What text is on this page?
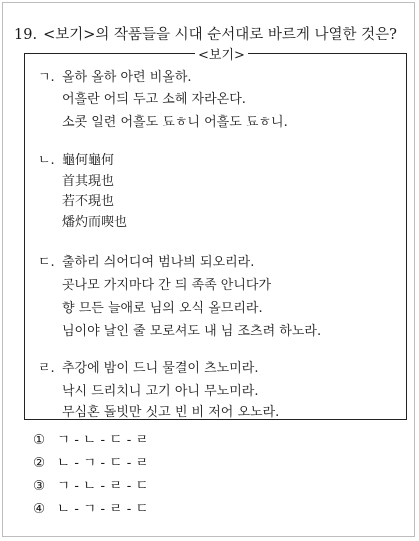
19. <보기>의 작품들을 시대 순서대로 바르게 나열한 것은?
<보기>
ㄱ. 올하 올하 아련 비올하.
어흘란 어듸 두고 소헤 자라온다.
소콧 일련 어흘도 됴ㅎ니 어흘도 됴ㅎ니.
ㄴ. 龜何龜何
首其現也
若不現也
燔灼而喫也
ㄷ. 출하리 싀어디여 범나븨 되오리라.
곳나모 가지마다 간 듸 족족 안니다가
향 므든 늘애로 님의 오식 올므리라.
님이야 날인 줄 모로셔도 내 님 조츠려 하노라.
ㄹ. 추강에 밤이 드니 물결이 츠노미라.
낙시 드리치니 고기 아니 무노미라.
무심혼 돌빗만 싯고 빈 비 저어 오노라.
① ㄱ - ㄴ - ㄷ - ㄹ
② ㄴ - ㄱ - ㄷ - ㄹ
③ ㄱ - ㄴ - ㄹ - ㄷ
④ ㄴ - ㄱ - ㄹ - ㄷ
